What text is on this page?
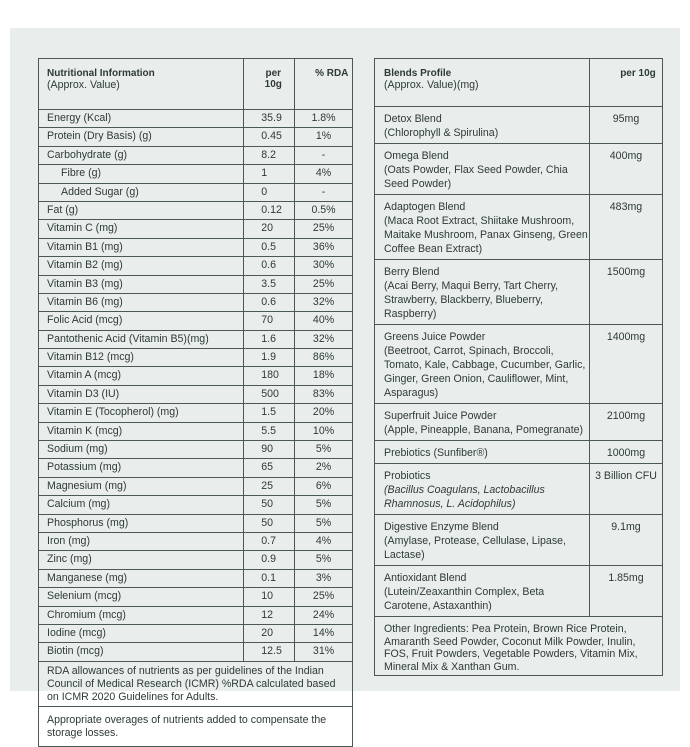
Nutritional Information
(Approx. Value)	per 10g	% RDA
Energy (Kcal)	35.9	1.8%
Protein (Dry Basis) (g)	0.45	1%
Carbohydrate (g)	8.2	-
Fibre (g)	1	4%
Added Sugar (g)	0	-
Fat (g)	0.12	0.5%
Vitamin C (mg)	20	25%
Vitamin B1 (mg)	0.5	36%
Vitamin B2 (mg)	0.6	30%
Vitamin B3 (mg)	3.5	25%
Vitamin B6 (mg)	0.6	32%
Folic Acid (mcg)	70	40%
Pantothenic Acid (Vitamin B5)(mg)	1.6	32%
Vitamin B12 (mcg)	1.9	86%
Vitamin A (mcg)	180	18%
Vitamin D3 (IU)	500	83%
Vitamin E (Tocopherol) (mg)	1.5	20%
Vitamin K (mcg)	5.5	10%
Sodium (mg)	90	5%
Potassium (mg)	65	2%
Magnesium (mg)	25	6%
Calcium (mg)	50	5%
Phosphorus (mg)	50	5%
Iron (mg)	0.7	4%
Zinc (mg)	0.9	5%
Manganese (mg)	0.1	3%
Selenium (mcg)	10	25%
Chromium (mcg)	12	24%
Iodine (mcg)	20	14%
Biotin (mcg)	12.5	31%
RDA allowances of nutrients as per guidelines of the Indian Council of Medical Research (ICMR) %RDA calculated based on ICMR 2020 Guidelines for Adults.		
Appropriate overages of nutrients added to compensate the storage losses.		
Blends Profile
(Approx. Value)(mg)	per 10g

Detox Blend
(Chlorophyll & Spirulina)	95mg

Omega Blend
(Oats Powder, Flax Seed Powder, Chia Seed Powder)	400mg

Adaptogen Blend
(Maca Root Extract, Shiitake Mushroom, Maitake Mushroom, Panax Ginseng, Green Coffee Bean Extract)	483mg

Berry Blend
(Acai Berry, Maqui Berry, Tart Cherry, Strawberry, Blackberry, Blueberry, Raspberry)	1500mg

Greens Juice Powder
(Beetroot, Carrot, Spinach, Broccoli, Tomato, Kale, Cabbage, Cucumber, Garlic, Ginger, Green Onion, Cauliflower, Mint, Asparagus)	1400mg

Superfruit Juice Powder
(Apple, Pineapple, Banana, Pomegranate)	2100mg

Prebiotics (Sunfiber®)	1000mg

Probiotics
(Bacillus Coagulans, Lactobacillus Rhamnosus, L. Acidophilus)	3 Billion CFU

Digestive Enzyme Blend
(Amylase, Protease, Cellulase, Lipase, Lactase)	9.1mg

Antioxidant Blend
(Lutein/Zeaxanthin Complex, Beta Carotene, Astaxanthin)	1.85mg
Other Ingredients: Pea Protein, Brown Rice Protein, Amaranth Seed Powder, Coconut Milk Powder, Inulin, FOS, Fruit Powders, Vegetable Powders, Vitamin Mix, Mineral Mix & Xanthan Gum.	
